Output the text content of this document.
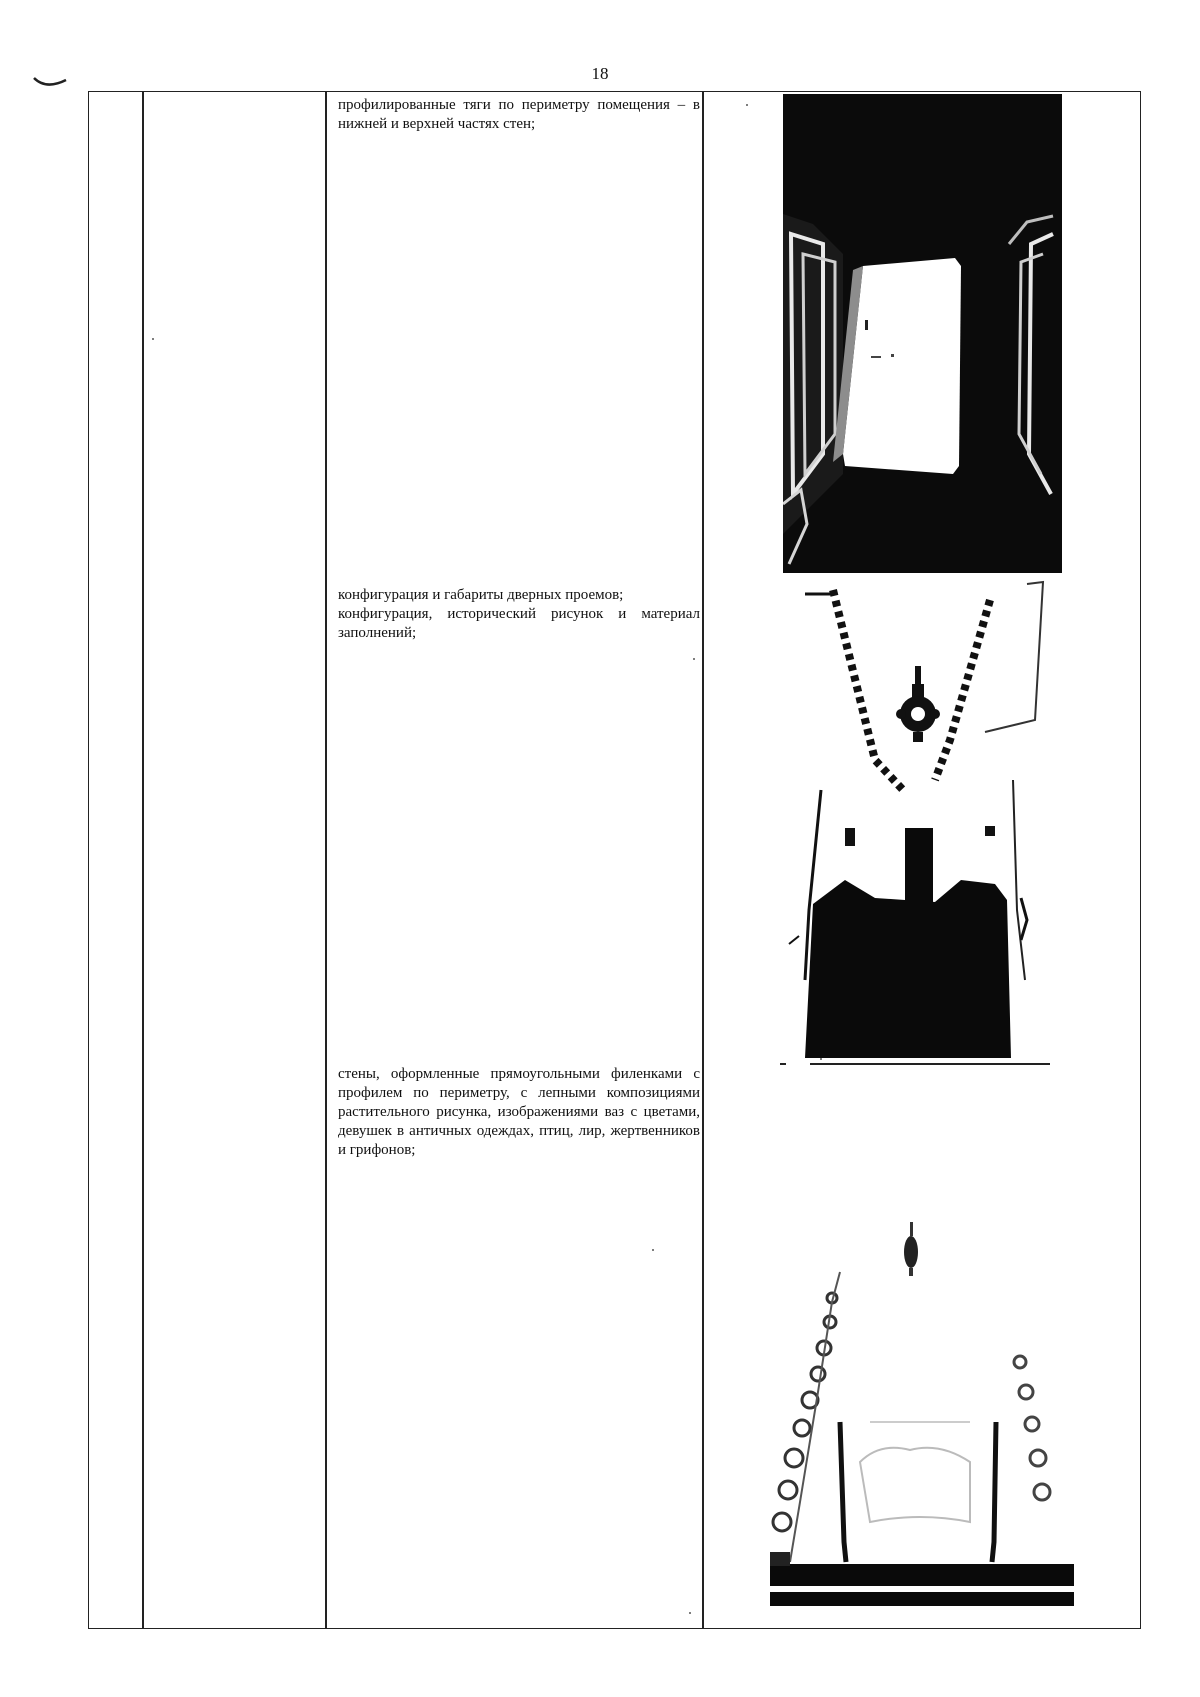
18

профилированные тяги по периметру помещения – в нижней и верхней частях стен;

конфигурация и габариты дверных проемов;

конфигурация, исторический рисунок и материал заполнений;

стены, оформленные прямоугольными филенками с профилем по периметру, с лепными композициями растительного рисунка, изображениями ваз с цветами, девушек в античных одеждах, птиц, лир, жертвенников и грифонов;
